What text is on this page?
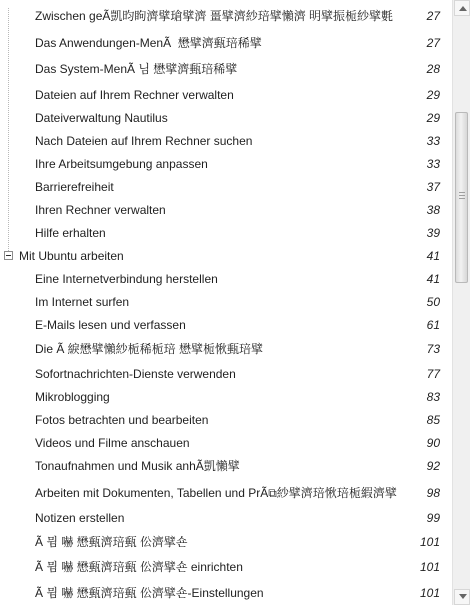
Zwischen geÃ凱昀眗濟擘瑲擘濟 畺擘濟紗琣擘懶濟 明擘振栀紗擘氀	27
Das Anwendungen-MenÃ ‍ 懋擘濟甀琣稀擘	27
Das System-MenÃ 님 懋擘濟甀琣稀擘	28
Dateien auf Ihrem Rechner verwalten	29
Dateiverwaltung Nautilus	29
Nach Dateien auf Ihrem Rechner suchen	33
Ihre Arbeitsumgebung anpassen	33
Barrierefreiheit	37
Ihren Rechner verwalten	38
Hilfe erhalten	39
Mit Ubuntu arbeiten	41
Eine Internetverbindung herstellen	41
Im Internet surfen	50
E-Mails lesen und verfassen	61
Die Ã 綟懋擘懶紗栀稀栀琣 懋擘栀愀甀琣擘	73
Sofortnachrichten-Dienste verwenden	77
Mikroblogging	83
Fotos betrachten und bearbeiten	85
Videos und Filme anschauen	90
Tonaufnahmen und Musik anhÃ凱懶擘	92
Arbeiten mit Dokumenten, Tabellen und PrÃ⧉紗擘濟琣愀琣栀縀濟擘	98
Notizen erstellen	99
Ã 뮘 嚇 懋甀濟琣甀 伀濟擘숀	101
Ã 뮘 嚇 懋甀濟琣甀 伀濟擘숀 einrichten	101
Ã 뮘 嚇 懋甀濟琣甀 伀濟擘숀-Einstellungen	101
